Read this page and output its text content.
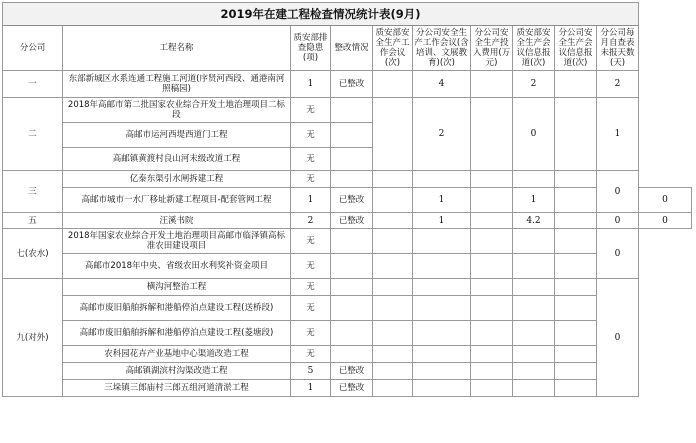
2019年在建工程检查情况统计表(9月)										
分公司	工程名称	质安部排查隐患(项)	整改情况	质安部安全生产工作会议(次)	分公司安全生产工作会议(含培训、文展教育)(次)	分公司安全生产投入费用(万元)	质安部安全生产会议信息报道(次)	分公司安全生产会议信息报道(次)	分公司每月自查表未报天数(天)	
一	东部新城区水系连通工程施工河道(序贤河西段、通港南河照稿园)	1	已整改		4		2		2	
二	2018年高邮市第二批国家农业综合开发土地治理项目二标段	无			2		0		1	
	高邮市运河西堤西道门工程	无								
	高邮镇黄渡村良山河末级改道工程	无								
三	亿泰东渠引水闸拆建工程	无							0	
	高邮市城市一水厂移址新建工程项目-配套管网工程	1	已整改		1		1			0
五	汪溪书院	2	已整改		1		4.2		0	0
七(农水)	2018年国家农业综合开发土地治理项目高邮市临泽镇高标准农田建设项目	无							0	
	高邮市2018年中央、省级农田水利奖补资金项目	无								
九(对外)	横沟河整治工程	无							0	
	高邮市废旧船舶拆解和港船停泊点建设工程(送桥段)	无								
	高邮市废旧船舶拆解和港船停泊点建设工程(菱塘段)	无								
	农科园花卉产业基地中心渠道改造工程	无								
	高邮镇湖滨村沟渠改造工程	5	已整改							
	三垛镇三郎庙村三郎五组河道清淤工程	1	已整改							
